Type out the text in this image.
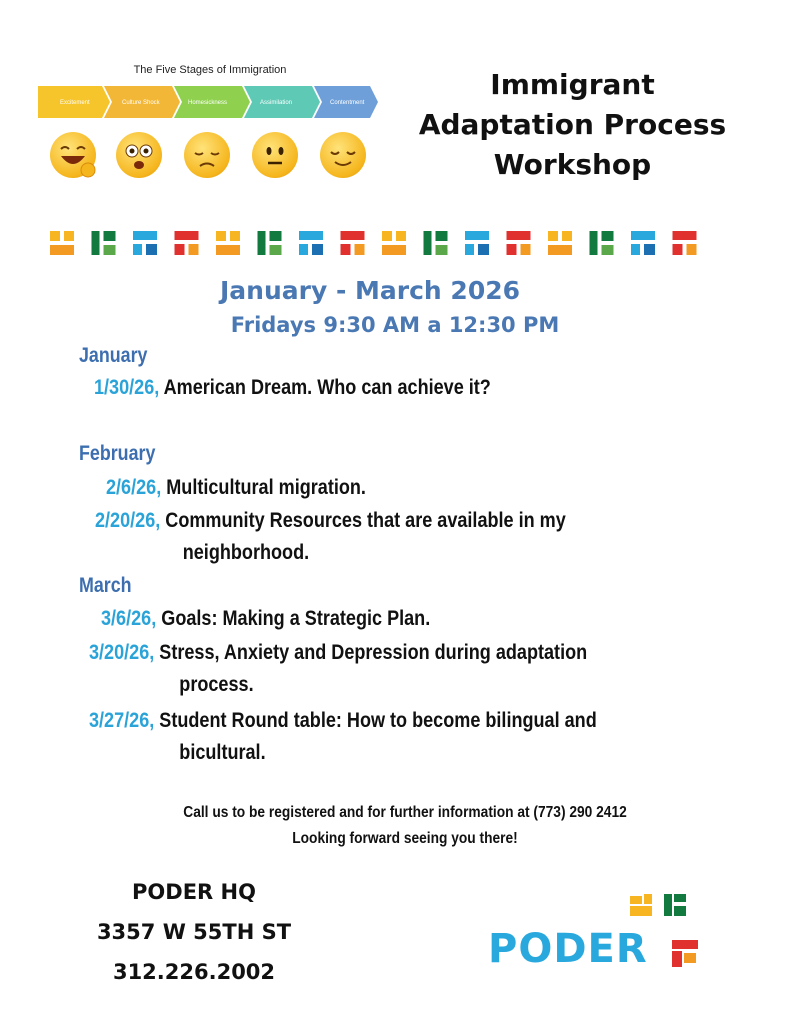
The Five Stages of Immigration
Excitement	Culture Shock	Homesickness	Assimilation	Contentment
Immigrant
Adaptation Process
Workshop
January - March 2026
Fridays 9:30 AM a 12:30 PM
January
1/30/26, American Dream. Who can achieve it?
February
2/6/26, Multicultural migration.
2/20/26, Community Resources that are available in my
neighborhood.
March
3/6/26, Goals: Making a Strategic Plan.
3/20/26, Stress, Anxiety and Depression during adaptation
process.
3/27/26, Student Round table: How to become bilingual and
bicultural.
Call us to be registered and for further information at (773) 290 2412
Looking forward seeing you there!
PODER HQ
3357 W 55TH ST
312.226.2002	PODER
